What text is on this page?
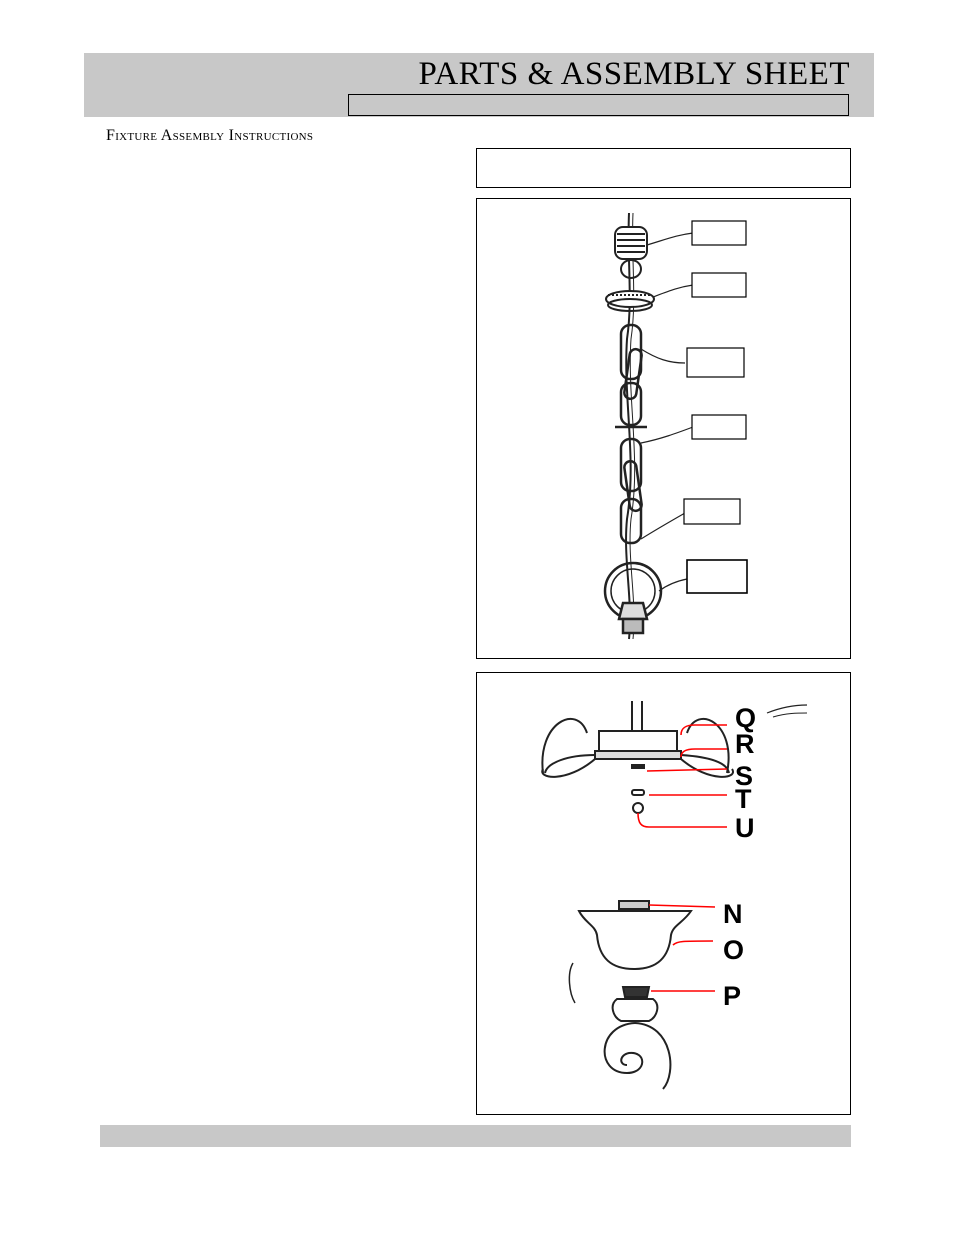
PARTS & ASSEMBLY SHEET
Fixture Assembly Instructions
Q
R
S
T
U
N
O
P
